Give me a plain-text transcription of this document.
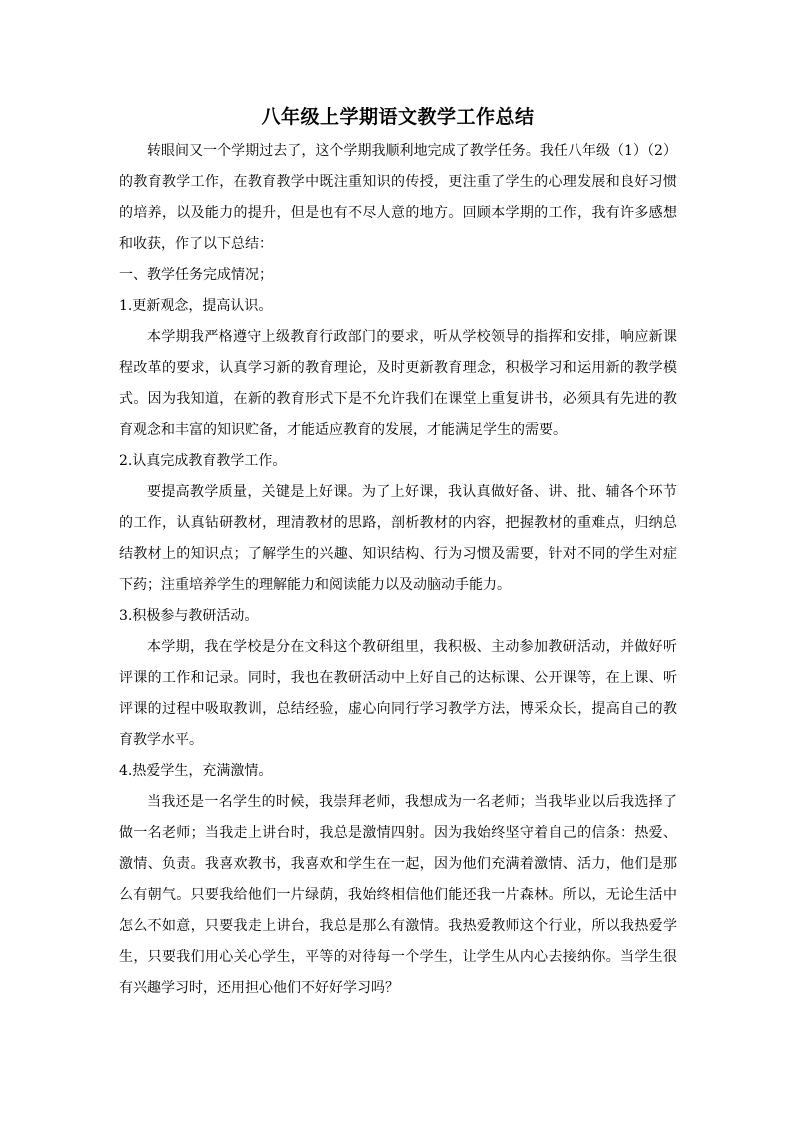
八年级上学期语文教学工作总结

转眼间又一个学期过去了，这个学期我顺利地完成了教学任务。我任八年级（1）（2）的教育教学工作，在教育教学中既注重知识的传授，更注重了学生的心理发展和良好习惯的培养，以及能力的提升，但是也有不尽人意的地方。回顾本学期的工作，我有许多感想和收获，作了以下总结：

一、教学任务完成情况；

1.更新观念，提高认识。

本学期我严格遵守上级教育行政部门的要求，听从学校领导的指挥和安排，响应新课程改革的要求，认真学习新的教育理论，及时更新教育理念，积极学习和运用新的教学模式。因为我知道，在新的教育形式下是不允许我们在课堂上重复讲书，必须具有先进的教育观念和丰富的知识贮备，才能适应教育的发展，才能满足学生的需要。

2.认真完成教育教学工作。

要提高教学质量，关键是上好课。为了上好课，我认真做好备、讲、批、辅各个环节的工作，认真钻研教材，理清教材的思路，剖析教材的内容，把握教材的重难点，归纳总结教材上的知识点；了解学生的兴趣、知识结构、行为习惯及需要，针对不同的学生对症下药；注重培养学生的理解能力和阅读能力以及动脑动手能力。

3.积极参与教研活动。

本学期，我在学校是分在文科这个教研组里，我积极、主动参加教研活动，并做好听评课的工作和记录。同时，我也在教研活动中上好自己的达标课、公开课等，在上课、听评课的过程中吸取教训，总结经验，虚心向同行学习教学方法，博采众长，提高自己的教育教学水平。

4.热爱学生，充满激情。

当我还是一名学生的时候，我崇拜老师，我想成为一名老师；当我毕业以后我选择了做一名老师；当我走上讲台时，我总是激情四射。因为我始终坚守着自己的信条：热爱、激情、负责。我喜欢教书，我喜欢和学生在一起，因为他们充满着激情、活力，他们是那么有朝气。只要我给他们一片绿荫，我始终相信他们能还我一片森林。所以，无论生活中怎么不如意，只要我走上讲台，我总是那么有激情。我热爱教师这个行业，所以我热爱学生，只要我们用心关心学生，平等的对待每一个学生，让学生从内心去接纳你。当学生很有兴趣学习时，还用担心他们不好好学习吗？
